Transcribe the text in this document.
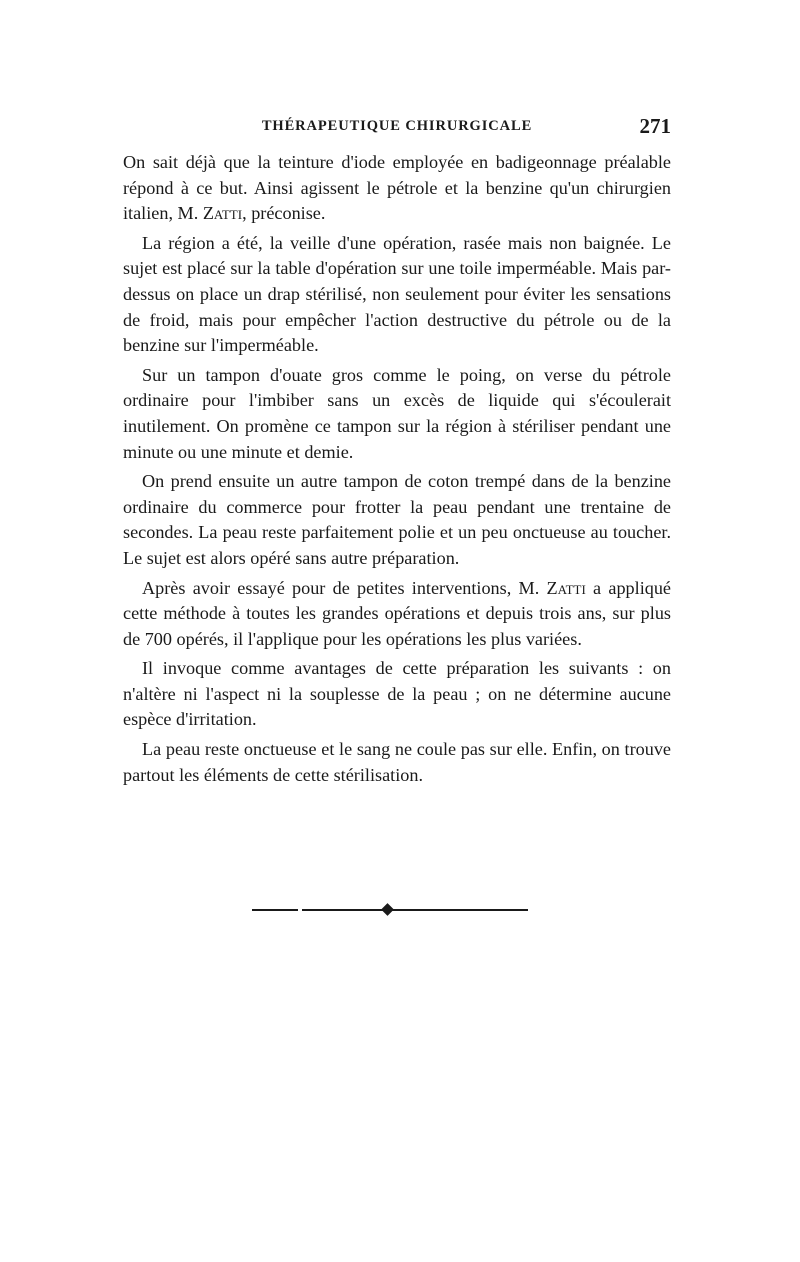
THÉRAPEUTIQUE CHIRURGICALE	271

On sait déjà que la teinture d'iode employée en badigeonnage préalable répond à ce but. Ainsi agissent le pétrole et la benzine qu'un chirurgien italien, M. Zatti, préconise.

La région a été, la veille d'une opération, rasée mais non baignée. Le sujet est placé sur la table d'opération sur une toile imperméable. Mais par-dessus on place un drap stérilisé, non seulement pour éviter les sensations de froid, mais pour empêcher l'action destructive du pétrole ou de la benzine sur l'imperméable.

Sur un tampon d'ouate gros comme le poing, on verse du pétrole ordinaire pour l'imbiber sans un excès de liquide qui s'écoulerait inutilement. On promène ce tampon sur la région à stériliser pendant une minute ou une minute et demie.

On prend ensuite un autre tampon de coton trempé dans de la benzine ordinaire du commerce pour frotter la peau pendant une trentaine de secondes. La peau reste parfaitement polie et un peu onctueuse au toucher. Le sujet est alors opéré sans autre préparation.

Après avoir essayé pour de petites interventions, M. Zatti a appliqué cette méthode à toutes les grandes opérations et depuis trois ans, sur plus de 700 opérés, il l'applique pour les opérations les plus variées.

Il invoque comme avantages de cette préparation les suivants : on n'altère ni l'aspect ni la souplesse de la peau ; on ne détermine aucune espèce d'irritation.

La peau reste onctueuse et le sang ne coule pas sur elle. Enfin, on trouve partout les éléments de cette stérilisation.
